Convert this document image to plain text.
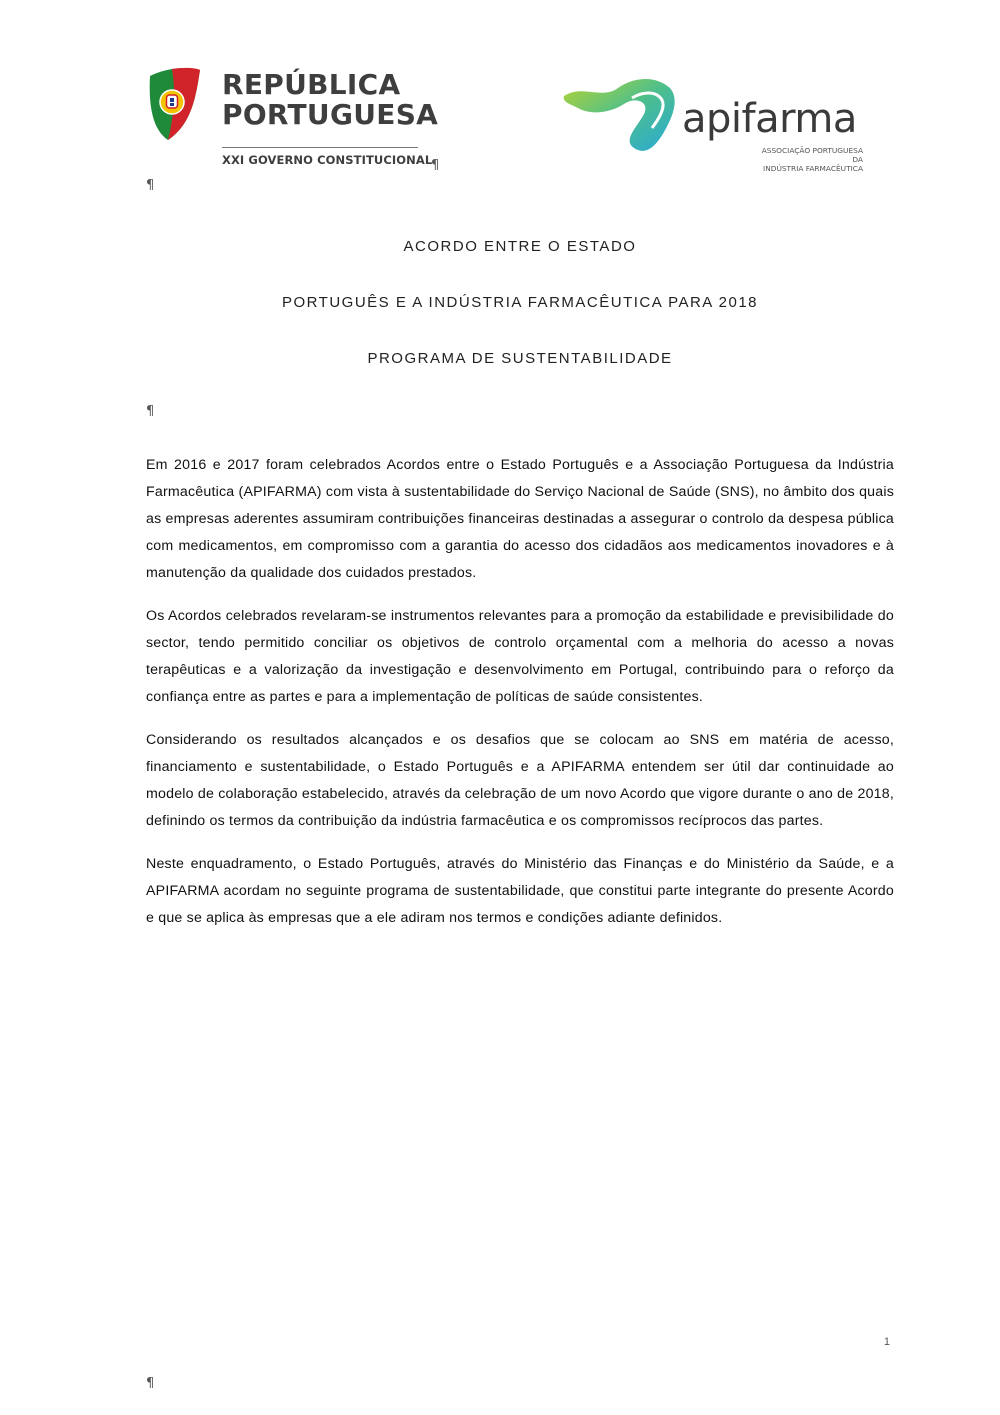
REPÚBLICA
PORTUGUESA
XXI GOVERNO CONSTITUCIONAL
¶
¶
apifarma
ASSOCIAÇÃO PORTUGUESA DA
INDÚSTRIA FARMACÊUTICA
ACORDO ENTRE O ESTADO
PORTUGUÊS E A INDÚSTRIA FARMACÊUTICA PARA 2018
PROGRAMA DE SUSTENTABILIDADE
¶

Em 2016 e 2017 foram celebrados Acordos entre o Estado Português e a Associação Portuguesa da Indústria Farmacêutica (APIFARMA) com vista à sustentabilidade do Serviço Nacional de Saúde (SNS), no âmbito dos quais as empresas aderentes assumiram contribuições financeiras destinadas a assegurar o controlo da despesa pública com medicamentos, em compromisso com a garantia do acesso dos cidadãos aos medicamentos inovadores e à manutenção da qualidade dos cuidados prestados.

Os Acordos celebrados revelaram-se instrumentos relevantes para a promoção da estabilidade e previsibilidade do sector, tendo permitido conciliar os objetivos de controlo orçamental com a melhoria do acesso a novas terapêuticas e a valorização da investigação e desenvolvimento em Portugal, contribuindo para o reforço da confiança entre as partes e para a implementação de políticas de saúde consistentes.

Considerando os resultados alcançados e os desafios que se colocam ao SNS em matéria de acesso, financiamento e sustentabilidade, o Estado Português e a APIFARMA entendem ser útil dar continuidade ao modelo de colaboração estabelecido, através da celebração de um novo Acordo que vigore durante o ano de 2018, definindo os termos da contribuição da indústria farmacêutica e os compromissos recíprocos das partes.

Neste enquadramento, o Estado Português, através do Ministério das Finanças e do Ministério da Saúde, e a APIFARMA acordam no seguinte programa de sustentabilidade, que constitui parte integrante do presente Acordo e que se aplica às empresas que a ele adiram nos termos e condições adiante definidos.

1
¶
